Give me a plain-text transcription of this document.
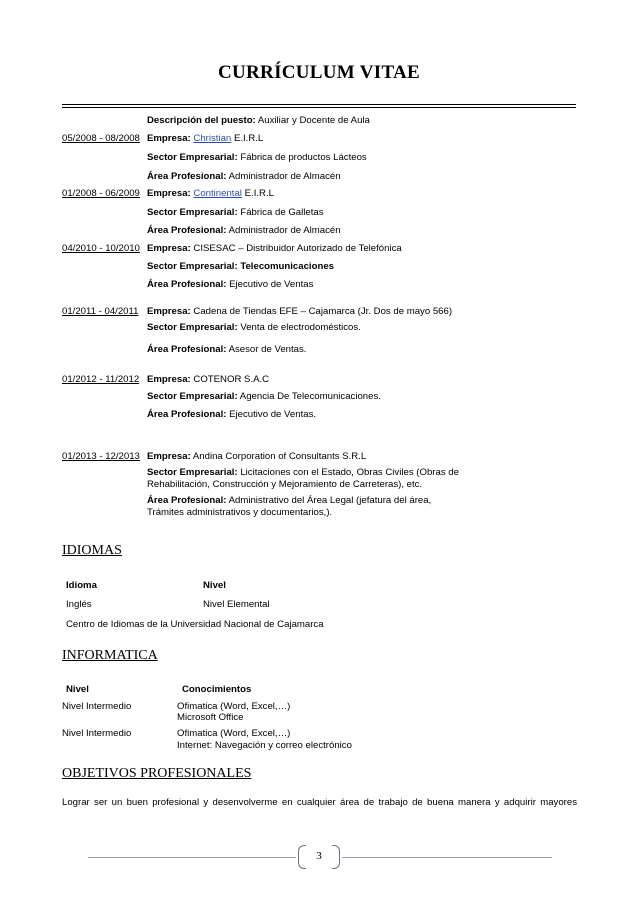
CURRÍCULUM VITAE
Descripción del puesto: Auxiliar y Docente de Aula
05/2008 - 08/2008 Empresa: Christian E.I.R.L
Sector Empresarial: Fábrica de productos Lácteos
Área Profesional: Administrador de Almacén
01/2008 - 06/2009 Empresa: Continental E.I.R.L
Sector Empresarial: Fábrica de Galletas
Área Profesional: Administrador de Almacén
04/2010 - 10/2010 Empresa: CISESAC – Distribuidor Autorizado de Telefónica
Sector Empresarial: Telecomunicaciones
Área Profesional: Ejecutivo de Ventas
01/2011 - 04/2011 Empresa: Cadena de Tiendas EFE – Cajamarca (Jr. Dos de mayo 566)
Sector Empresarial: Venta de electrodomésticos.
Área Profesional: Asesor de Ventas.
01/2012 - 11/2012 Empresa: COTENOR S.A.C
Sector Empresarial: Agencia De Telecomunicaciones.
Área Profesional: Ejecutivo de Ventas.
01/2013 - 12/2013 Empresa: Andina Corporation of Consultants S.R.L
Sector Empresarial: Licitaciones con el Estado, Obras Civiles (Obras de Rehabilitación, Construcción y Mejoramiento de Carreteras), etc.
Área Profesional: Administrativo del Área Legal (jefatura del área, Trámites administrativos y documentarios,).
IDIOMAS
Idioma	Nivel
Inglés	Nivel Elemental
Centro de Idiomas de la Universidad Nacional de Cajamarca
INFORMATICA
Nivel	Conocimientos
Nivel Intermedio	Ofimatica (Word, Excel,…)
Microsoft Office
Nivel Intermedio	Ofimatica (Word, Excel,…)
Internet: Navegación y correo electrónico
OBJETIVOS PROFESIONALES
Lograr ser un buen profesional y desenvolverme en cualquier área de trabajo de buena manera y adquirir mayores
3
